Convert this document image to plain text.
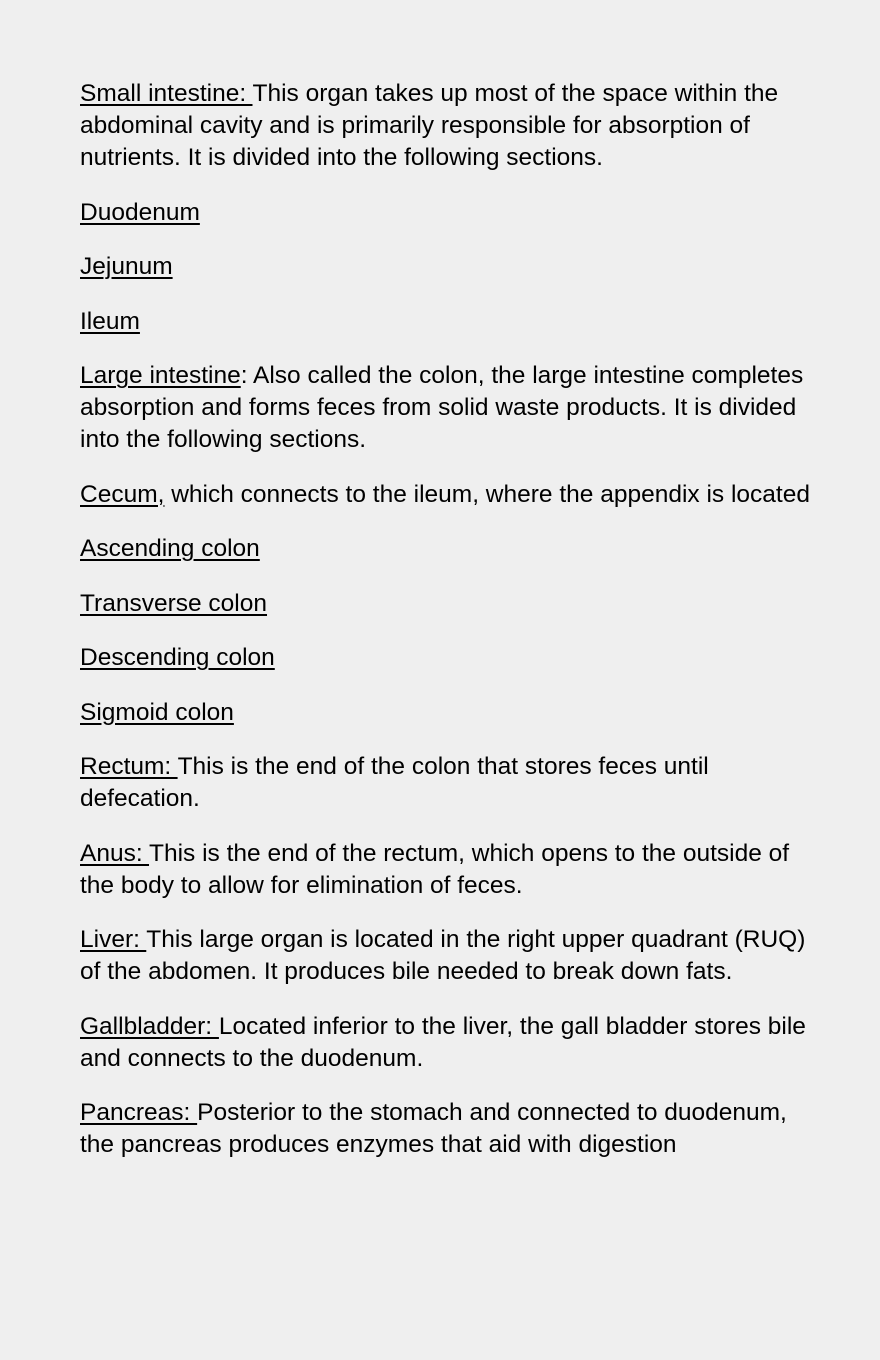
Small intestine: This organ takes up most of the space within the abdominal cavity and is primarily responsible for absorption of nutrients. It is divided into the following sections.

Duodenum

Jejunum

Ileum

Large intestine: Also called the colon, the large intestine completes absorption and forms feces from solid waste products. It is divided into the following sections.

Cecum, which connects to the ileum, where the appendix is located

Ascending colon

Transverse colon

Descending colon

Sigmoid colon

Rectum: This is the end of the colon that stores feces until defecation.

Anus: This is the end of the rectum, which opens to the outside of the body to allow for elimination of feces.

Liver: This large organ is located in the right upper quadrant (RUQ) of the abdomen. It produces bile needed to break down fats.

Gallbladder: Located inferior to the liver, the gall bladder stores bile and connects to the duodenum.

Pancreas: Posterior to the stomach and connected to duodenum, the pancreas produces enzymes that aid with digestion
